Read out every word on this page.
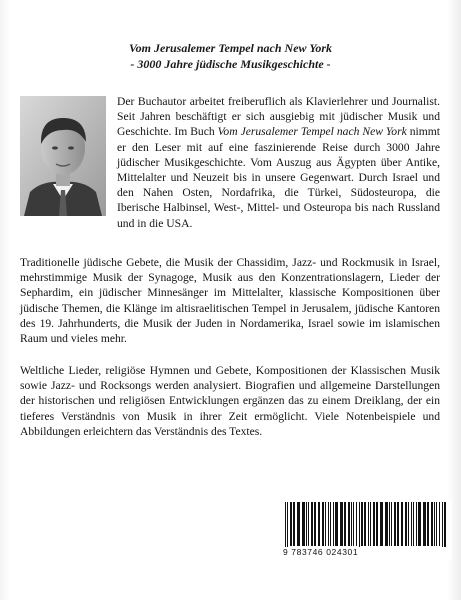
Vom Jerusalemer Tempel nach New York
- 3000 Jahre jüdische Musikgeschichte -

Der Buchautor arbeitet freiberuflich als Klavierlehrer und Journalist. Seit Jahren beschäftigt er sich ausgiebig mit jüdischer Musik und Geschichte. Im Buch Vom Jerusalemer Tempel nach New York nimmt er den Leser mit auf eine faszinierende Reise durch 3000 Jahre jüdischer Musikgeschichte. Vom Auszug aus Ägypten über Antike, Mittelalter und Neuzeit bis in unsere Gegenwart. Durch Israel und den Nahen Osten, Nordafrika, die Türkei, Südosteuropa, die Iberische Halbinsel, West-, Mittel- und Osteuropa bis nach Russland und in die USA.

Traditionelle jüdische Gebete, die Musik der Chassidim, Jazz- und Rockmusik in Israel, mehrstimmige Musik der Synagoge, Musik aus den Konzentrationslagern, Lieder der Sephardim, ein jüdischer Minnesänger im Mittelalter, klassische Kompositionen über jüdische Themen, die Klänge im altisraelitischen Tempel in Jerusalem, jüdische Kantoren des 19. Jahrhunderts, die Musik der Juden in Nordamerika, Israel sowie im islamischen Raum und vieles mehr.

Weltliche Lieder, religiöse Hymnen und Gebete, Kompositionen der Klassischen Musik sowie Jazz- und Rocksongs werden analysiert. Biografien und allgemeine Darstellungen der historischen und religiösen Entwicklungen ergänzen das zu einem Dreiklang, der ein tieferes Verständnis von Musik in ihrer Zeit ermöglicht. Viele Notenbeispiele und Abbildungen erleichtern das Verständnis des Textes.

9 783746 024301
